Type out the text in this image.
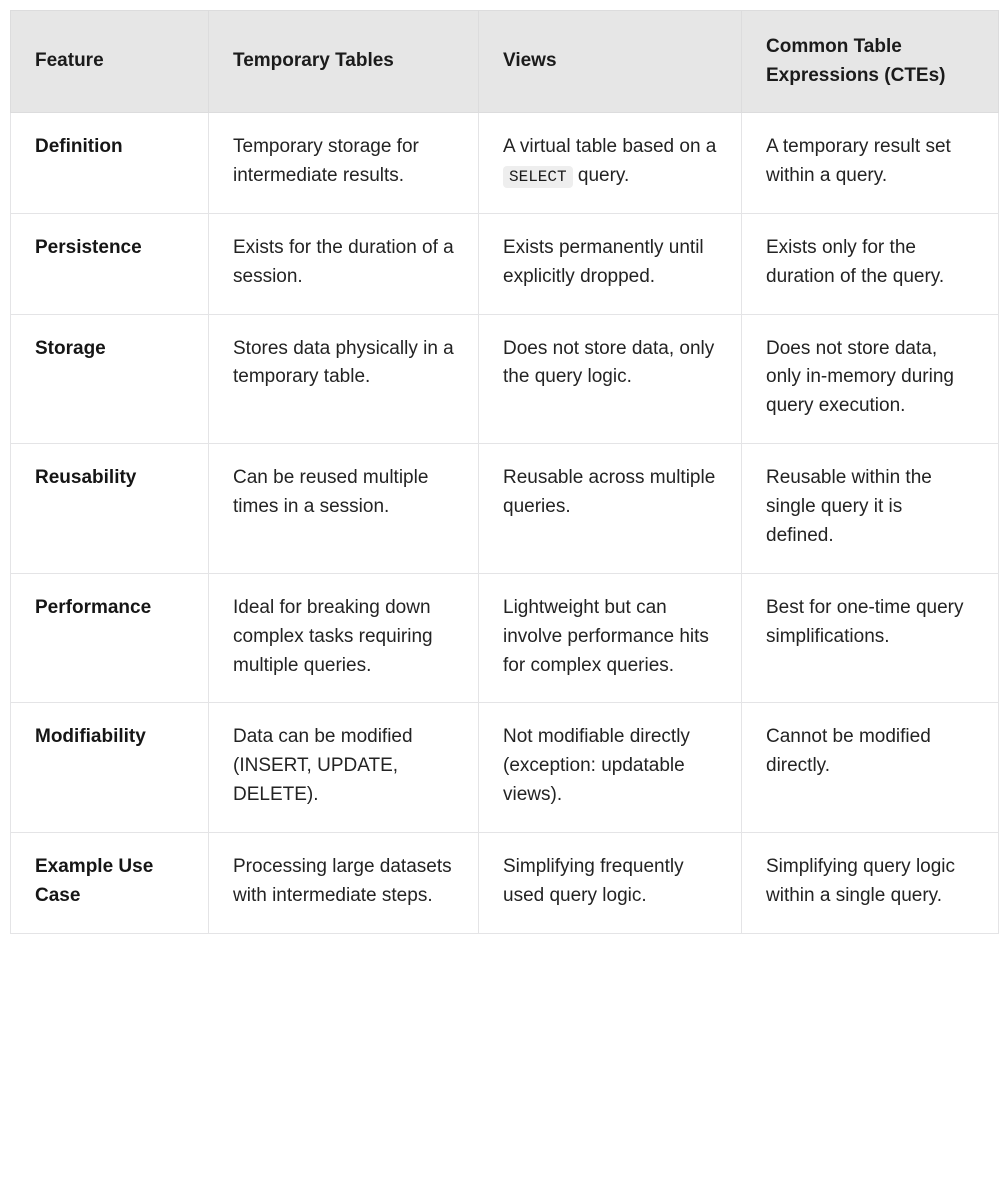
Feature	Temporary Tables	Views	Common Table Expressions (CTEs)
Definition	Temporary storage for intermediate results.	A virtual table based on a SELECT query.	A temporary result set within a query.
Persistence	Exists for the duration of a session.	Exists permanently until explicitly dropped.	Exists only for the duration of the query.
Storage	Stores data physically in a temporary table.	Does not store data, only the query logic.	Does not store data, only in-memory during query execution.
Reusability	Can be reused multiple times in a session.	Reusable across multiple queries.	Reusable within the single query it is defined.
Performance	Ideal for breaking down complex tasks requiring multiple queries.	Lightweight but can involve performance hits for complex queries.	Best for one-time query simplifications.
Modifiability	Data can be modified (INSERT, UPDATE, DELETE).	Not modifiable directly (exception: updatable views).	Cannot be modified directly.
Example Use Case	Processing large datasets with intermediate steps.	Simplifying frequently used query logic.	Simplifying query logic within a single query.
